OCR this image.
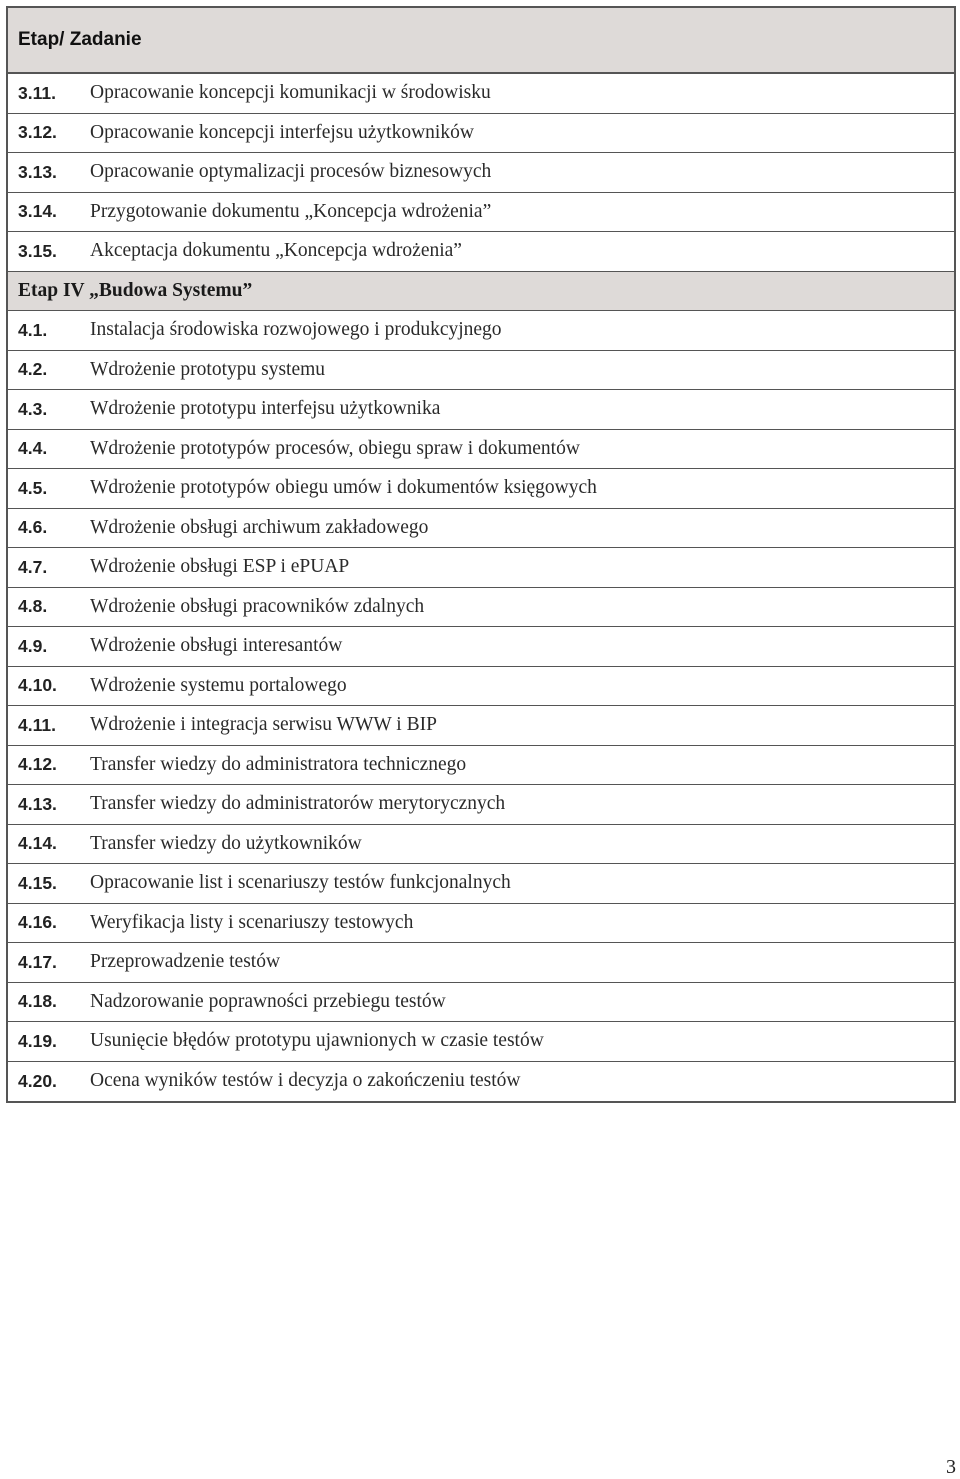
Etap/ Zadanie
3.11.	Opracowanie koncepcji komunikacji w środowisku
3.12.	Opracowanie koncepcji interfejsu użytkowników
3.13.	Opracowanie optymalizacji procesów biznesowych
3.14.	Przygotowanie dokumentu „Koncepcja wdrożenia”
3.15.	Akceptacja dokumentu „Koncepcja wdrożenia”
Etap IV „Budowa Systemu”
4.1.	Instalacja środowiska rozwojowego i produkcyjnego
4.2.	Wdrożenie prototypu systemu
4.3.	Wdrożenie prototypu interfejsu użytkownika
4.4.	Wdrożenie prototypów procesów, obiegu spraw i dokumentów
4.5.	Wdrożenie prototypów obiegu umów i dokumentów księgowych
4.6.	Wdrożenie obsługi archiwum zakładowego
4.7.	Wdrożenie obsługi ESP i ePUAP
4.8.	Wdrożenie obsługi pracowników zdalnych
4.9.	Wdrożenie obsługi interesantów
4.10.	Wdrożenie systemu portalowego
4.11.	Wdrożenie i integracja serwisu WWW i BIP
4.12.	Transfer wiedzy do administratora technicznego
4.13.	Transfer wiedzy do administratorów merytorycznych
4.14.	Transfer wiedzy do użytkowników
4.15.	Opracowanie list i scenariuszy testów funkcjonalnych
4.16.	Weryfikacja listy i scenariuszy testowych
4.17.	Przeprowadzenie testów
4.18.	Nadzorowanie poprawności przebiegu testów
4.19.	Usunięcie błędów prototypu ujawnionych w czasie testów
4.20.	Ocena wyników testów i decyzja o zakończeniu testów
3
